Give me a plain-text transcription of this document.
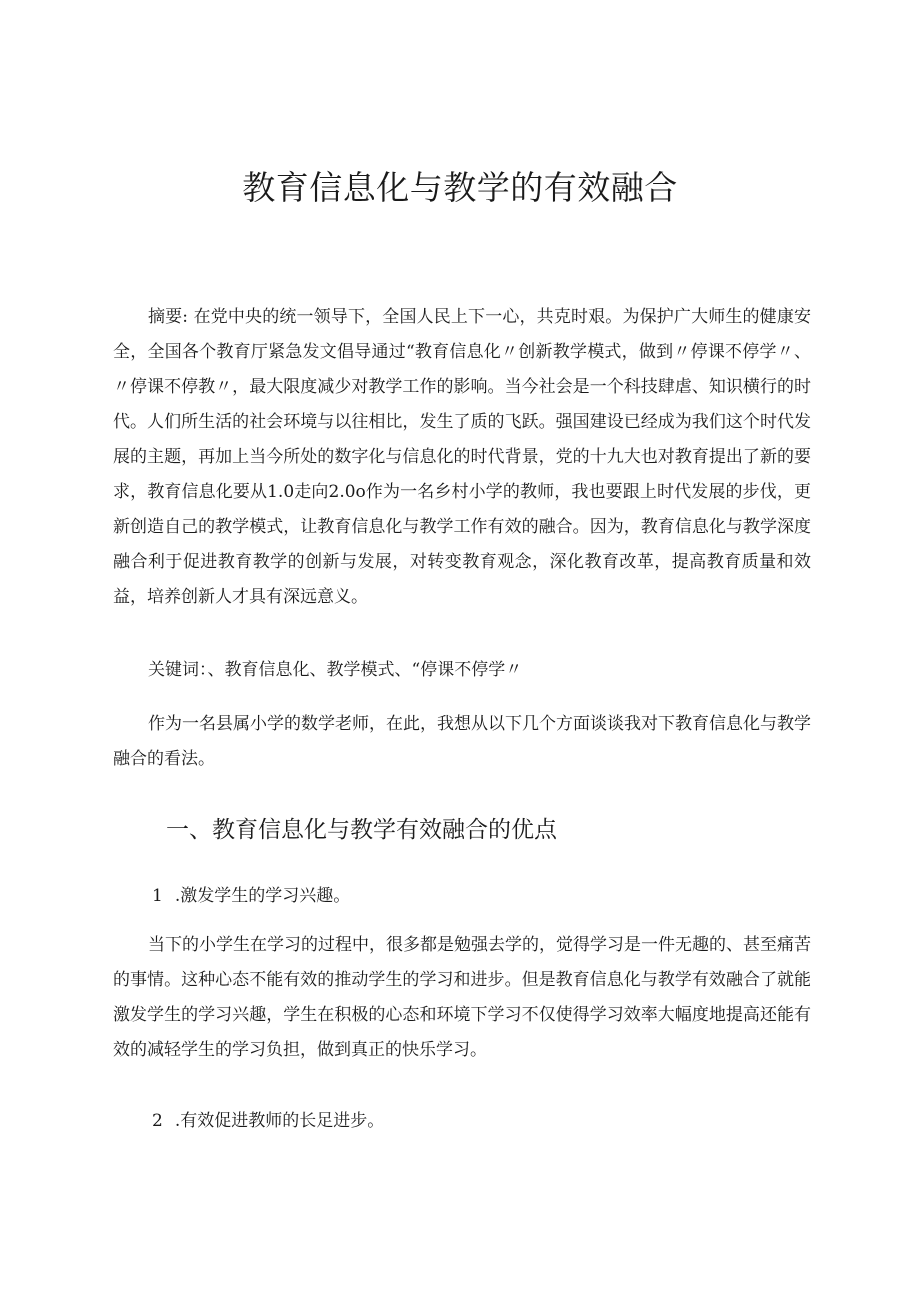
教育信息化与教学的有效融合

摘要: 在党中央的统一领导下，全国人民上下一心，共克时艰。为保护广大师生的健康安全，全国各个教育厅紧急发文倡导通过“教育信息化〃创新教学模式，做到〃停课不停学〃、〃停课不停教〃，最大限度减少对教学工作的影响。当今社会是一个科技肆虐、知识横行的时代。人们所生活的社会环境与以往相比，发生了质的飞跃。强国建设已经成为我们这个时代发展的主题，再加上当今所处的数字化与信息化的时代背景，党的十九大也对教育提出了新的要求，教育信息化要从1.0走向2.0o作为一名乡村小学的教师，我也要跟上时代发展的步伐，更新创造自己的教学模式，让教育信息化与教学工作有效的融合。因为，教育信息化与教学深度融合利于促进教育教学的创新与发展，对转变教育观念，深化教育改革，提高教育质量和效益，培养创新人才具有深远意义。

关键词：、教育信息化、教学模式、“停课不停学〃

作为一名县属小学的数学老师，在此，我想从以下几个方面谈谈我对下教育信息化与教学融合的看法。

一、教育信息化与教学有效融合的优点

1 .激发学生的学习兴趣。

当下的小学生在学习的过程中，很多都是勉强去学的，觉得学习是一件无趣的、甚至痛苦的事情。这种心态不能有效的推动学生的学习和进步。但是教育信息化与教学有效融合了就能激发学生的学习兴趣，学生在积极的心态和环境下学习不仅使得学习效率大幅度地提高还能有效的减轻学生的学习负担，做到真正的快乐学习。

2 .有效促进教师的长足进步。
